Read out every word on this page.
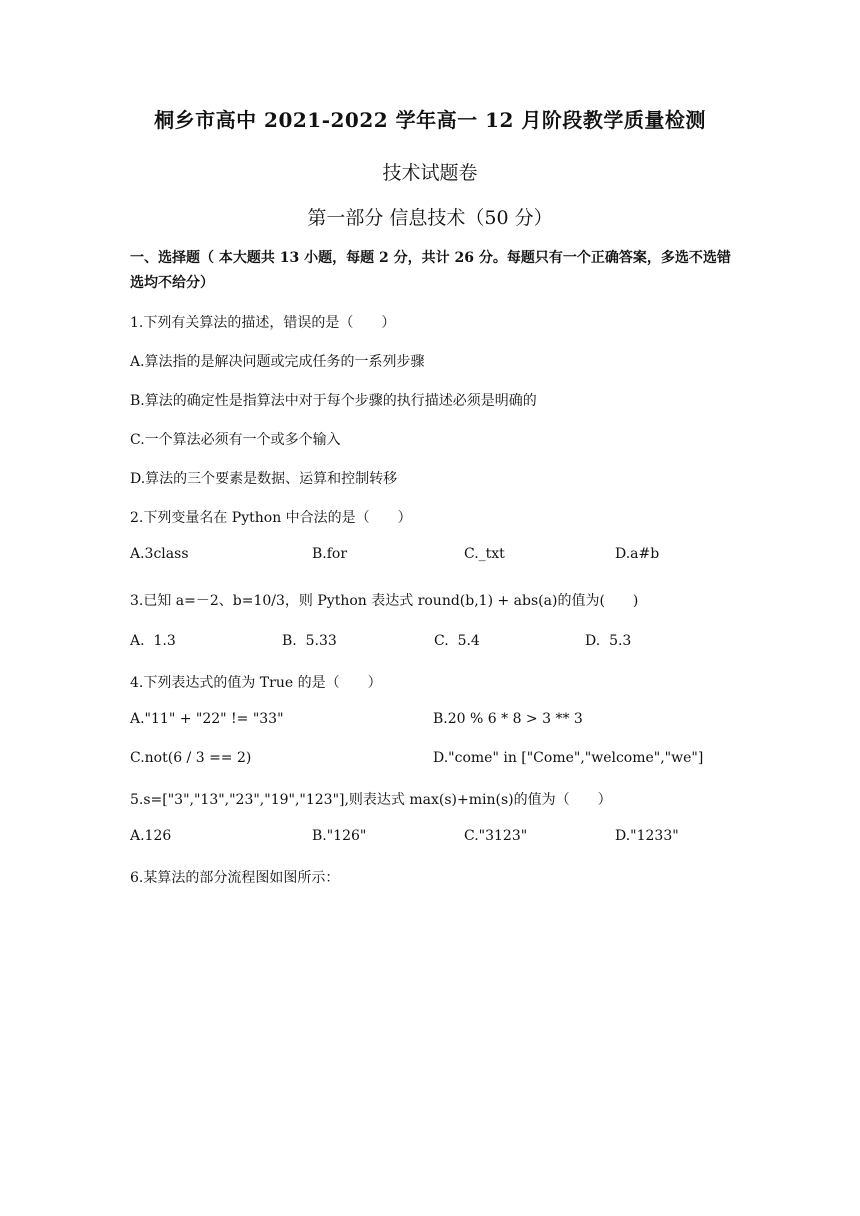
桐乡市高中 2021-2022 学年高一 12 月阶段教学质量检测
技术试题卷
第一部分 信息技术（50 分）
一、选择题（ 本大题共 13 小题，每题 2 分，共计 26 分。每题只有一个正确答案，多选不选错选均不给分）
1.下列有关算法的描述，错误的是（　　）
A.算法指的是解决问题或完成任务的一系列步骤
B.算法的确定性是指算法中对于每个步骤的执行描述必须是明确的
C.一个算法必须有一个或多个输入
D.算法的三个要素是数据、运算和控制转移
2.下列变量名在 Python 中合法的是（　　）
A.3class	B.for	C._txt	D.a#b
3.已知 a=－2、b=10/3，则 Python 表达式 round(b,1) + abs(a)的值为(　　)
A.  1.3	B.  5.33	C.  5.4	D.  5.3
4.下列表达式的值为 True 的是（　　）
A."11" + "22" != "33"	B.20 % 6 * 8 > 3 ** 3
C.not(6 / 3 == 2)	D."come" in ["Come","welcome","we"]
5.s=["3","13","23","19","123"],则表达式 max(s)+min(s)的值为（　　）
A.126	B."126"	C."3123"	D."1233"
6.某算法的部分流程图如图所示：
